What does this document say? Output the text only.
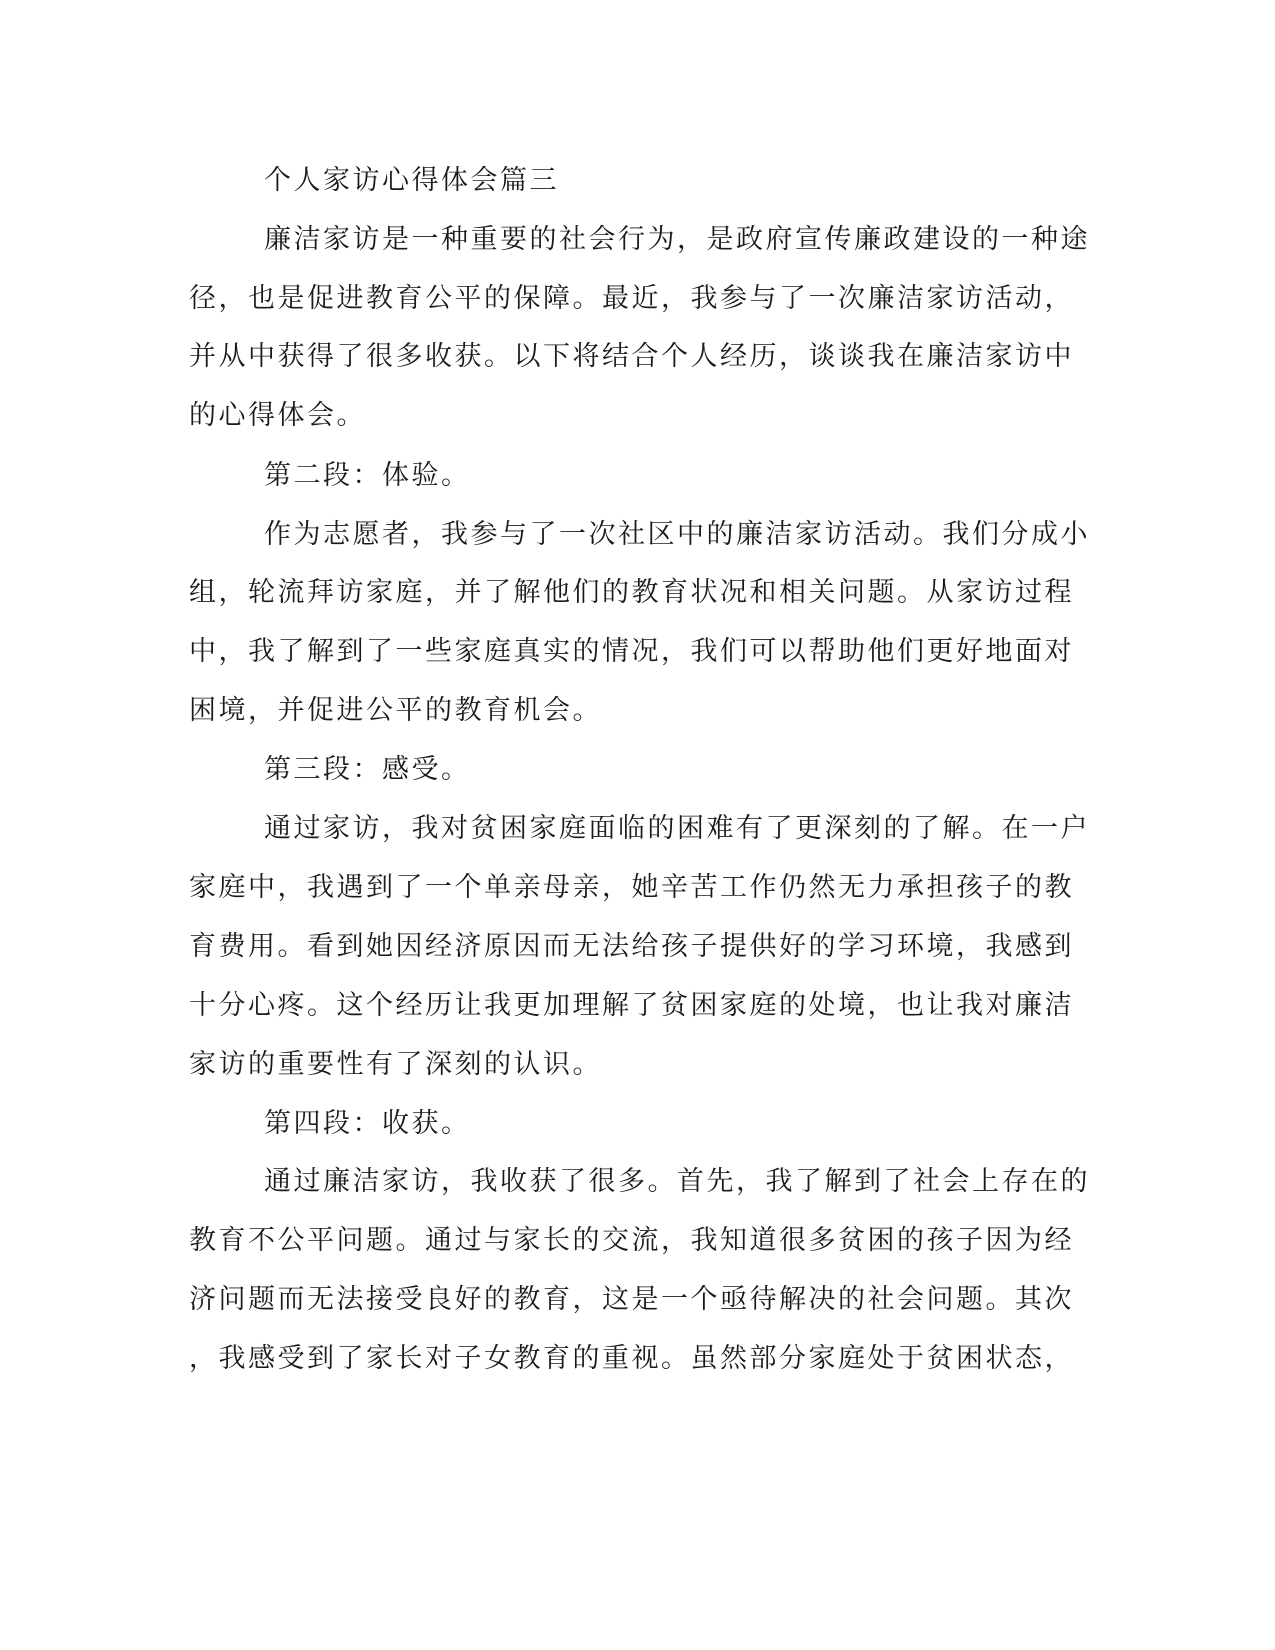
个人家访心得体会篇三
廉洁家访是一种重要的社会行为，是政府宣传廉政建设的一种途
径，也是促进教育公平的保障。最近，我参与了一次廉洁家访活动，
并从中获得了很多收获。以下将结合个人经历，谈谈我在廉洁家访中
的心得体会。
第二段：体验。
作为志愿者，我参与了一次社区中的廉洁家访活动。我们分成小
组，轮流拜访家庭，并了解他们的教育状况和相关问题。从家访过程
中，我了解到了一些家庭真实的情况，我们可以帮助他们更好地面对
困境，并促进公平的教育机会。
第三段：感受。
通过家访，我对贫困家庭面临的困难有了更深刻的了解。在一户
家庭中，我遇到了一个单亲母亲，她辛苦工作仍然无力承担孩子的教
育费用。看到她因经济原因而无法给孩子提供好的学习环境，我感到
十分心疼。这个经历让我更加理解了贫困家庭的处境，也让我对廉洁
家访的重要性有了深刻的认识。
第四段：收获。
通过廉洁家访，我收获了很多。首先，我了解到了社会上存在的
教育不公平问题。通过与家长的交流，我知道很多贫困的孩子因为经
济问题而无法接受良好的教育，这是一个亟待解决的社会问题。其次
，我感受到了家长对子女教育的重视。虽然部分家庭处于贫困状态，
